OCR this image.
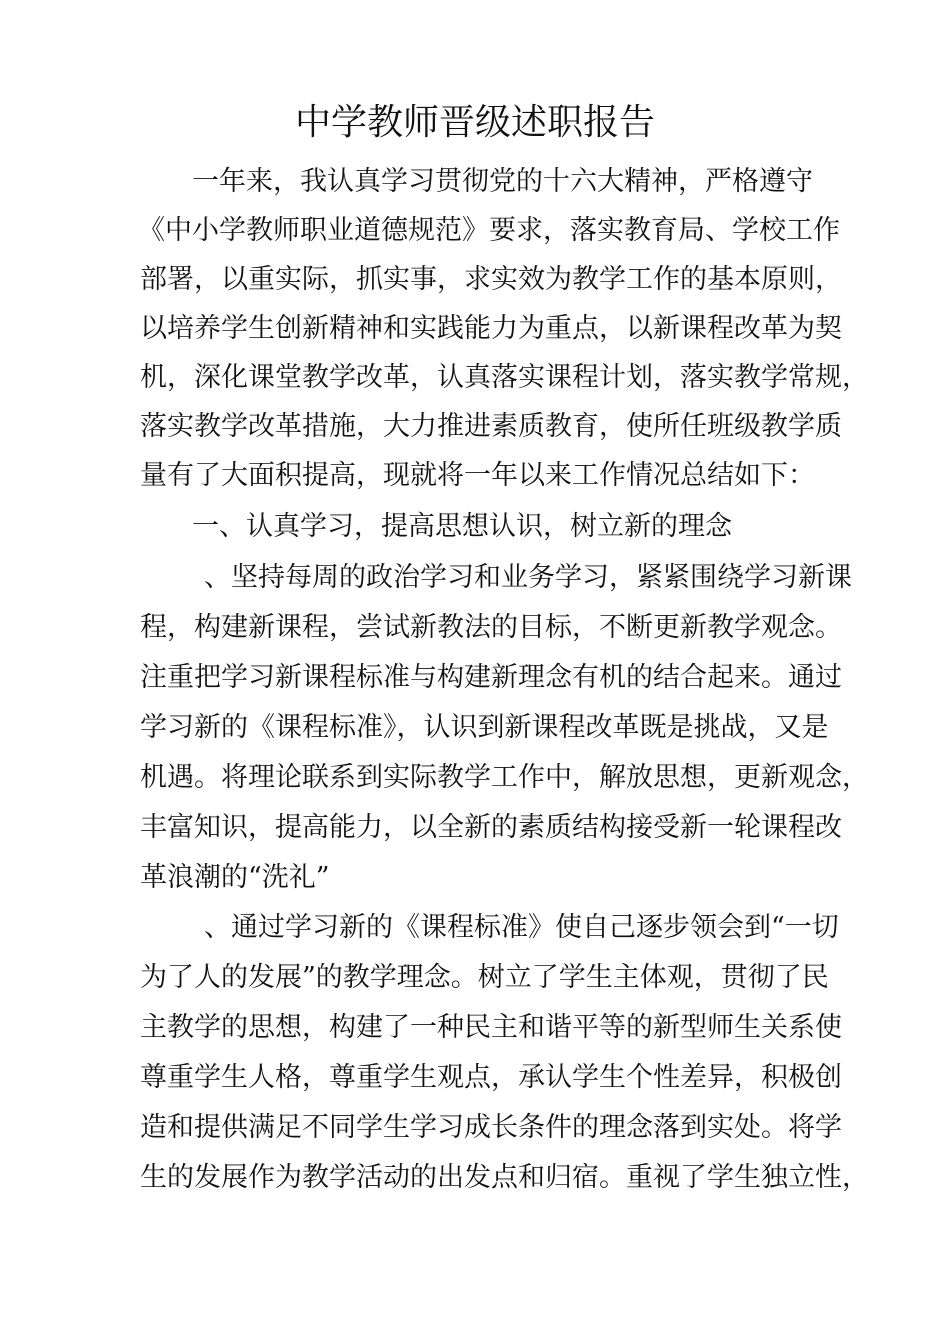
中学教师晋级述职报告

一年来，我认真学习贯彻党的十六大精神，严格遵守

《中小学教师职业道德规范》要求，落实教育局、学校工作

部署，以重实际，抓实事，求实效为教学工作的基本原则，

以培养学生创新精神和实践能力为重点，以新课程改革为契

机，深化课堂教学改革，认真落实课程计划，落实教学常规，

落实教学改革措施，大力推进素质教育，使所任班级教学质

量有了大面积提高，现就将一年以来工作情况总结如下：

一、认真学习，提高思想认识，树立新的理念

、坚持每周的政治学习和业务学习，紧紧围绕学习新课

程，构建新课程，尝试新教法的目标，不断更新教学观念。

注重把学习新课程标准与构建新理念有机的结合起来。通过

学习新的《课程标准》，认识到新课程改革既是挑战，又是

机遇。将理论联系到实际教学工作中，解放思想，更新观念，

丰富知识，提高能力，以全新的素质结构接受新一轮课程改

革浪潮的“洗礼”

、通过学习新的《课程标准》使自己逐步领会到“一切

为了人的发展”的教学理念。树立了学生主体观，贯彻了民

主教学的思想，构建了一种民主和谐平等的新型师生关系使

尊重学生人格，尊重学生观点，承认学生个性差异，积极创

造和提供满足不同学生学习成长条件的理念落到实处。将学

生的发展作为教学活动的出发点和归宿。重视了学生独立性，
